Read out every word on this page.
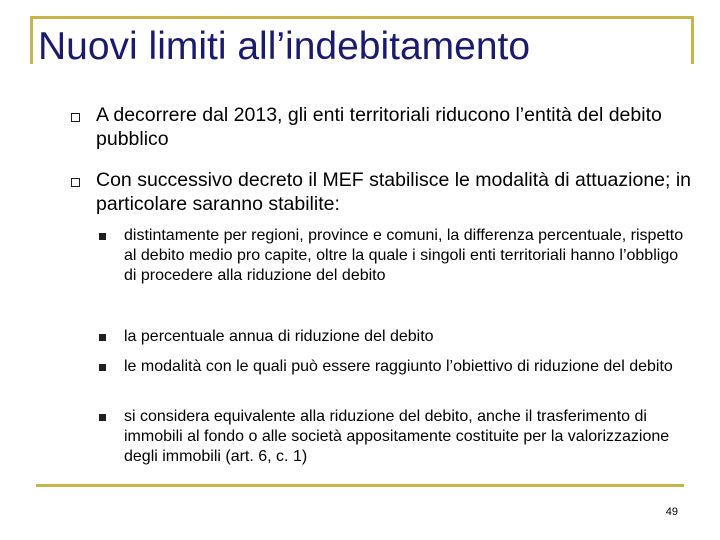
Nuovi limiti all’indebitamento
A decorrere dal 2013, gli enti territoriali riducono l’entità del debito pubblico
Con successivo decreto il MEF stabilisce le modalità di attuazione; in particolare saranno stabilite:
distintamente per regioni, province e comuni, la differenza percentuale, rispetto al debito medio pro capite, oltre la quale i singoli enti territoriali hanno l’obbligo di procedere alla riduzione del debito
la percentuale annua di riduzione del debito
le modalità con le quali può essere raggiunto l’obiettivo di riduzione del debito
si considera equivalente alla riduzione del debito, anche il trasferimento di immobili al fondo o alle società appositamente costituite per la valorizzazione degli immobili (art. 6, c. 1)
49
